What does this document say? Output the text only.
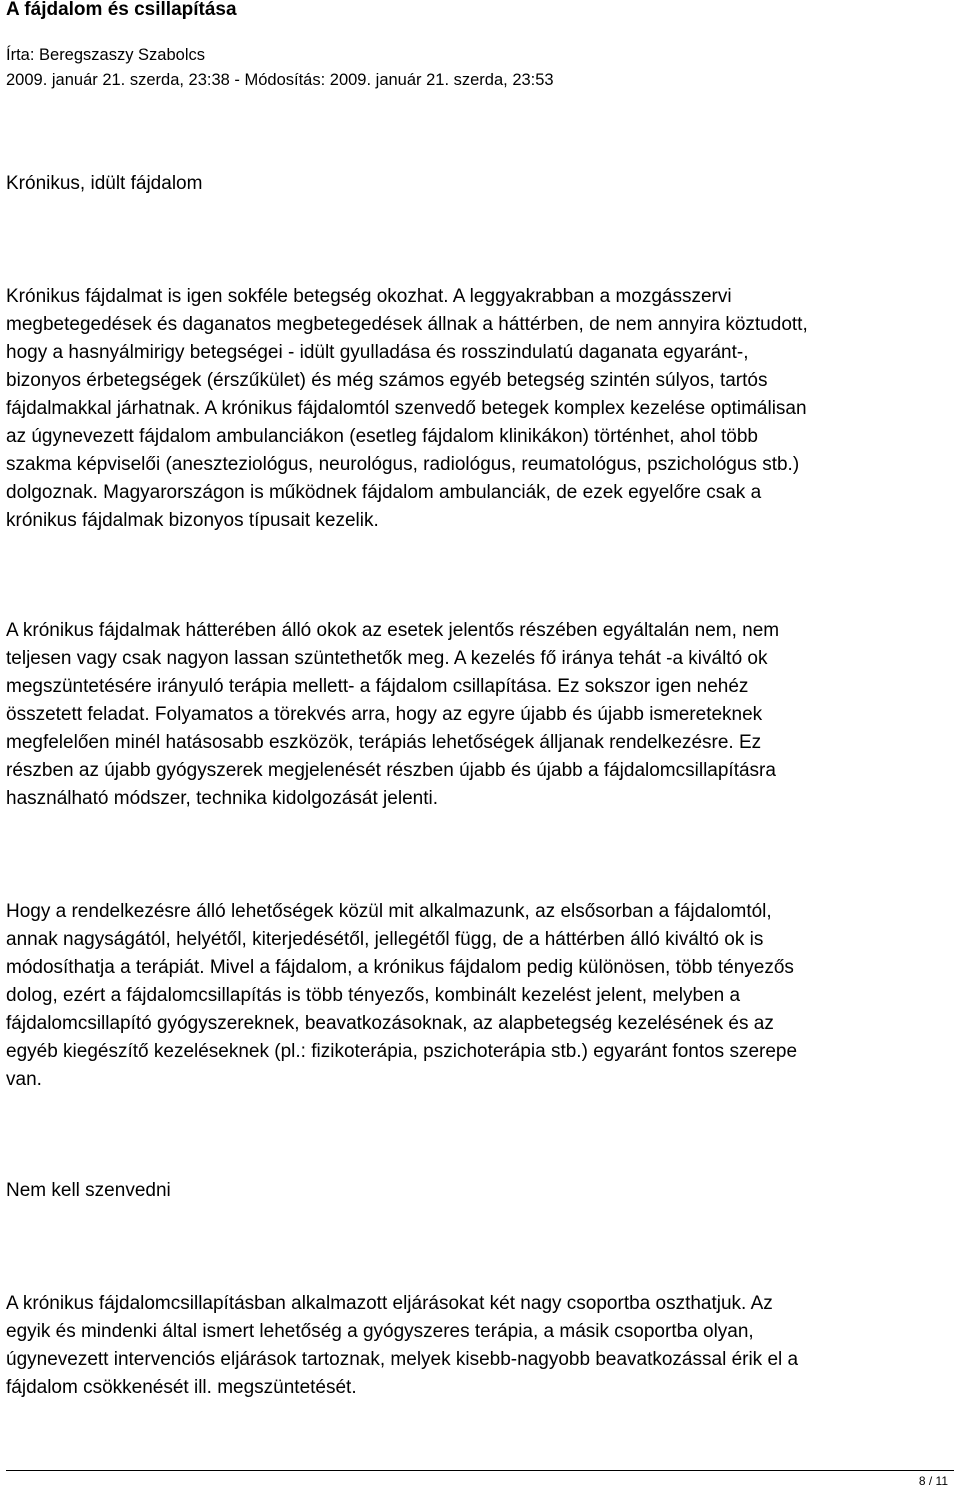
A fájdalom és csillapítása
Írta: Beregszaszy Szabolcs
2009. január 21. szerda, 23:38 - Módosítás: 2009. január 21. szerda, 23:53
Krónikus, idült fájdalom
Krónikus fájdalmat is igen sokféle betegség okozhat. A leggyakrabban a mozgásszervi
megbetegedések és daganatos megbetegedések állnak a háttérben, de nem annyira köztudott,
hogy a hasnyálmirigy betegségei - idült gyulladása és rosszindulatú daganata egyaránt-,
bizonyos érbetegségek (érszűkület) és még számos egyéb betegség szintén súlyos, tartós
fájdalmakkal járhatnak. A krónikus fájdalomtól szenvedő betegek komplex kezelése optimálisan
az úgynevezett fájdalom ambulanciákon (esetleg fájdalom klinikákon) történhet, ahol több
szakma képviselői (aneszteziológus, neurológus, radiológus, reumatológus, pszichológus stb.)
dolgoznak. Magyarországon is működnek fájdalom ambulanciák, de ezek egyelőre csak a
krónikus fájdalmak bizonyos típusait kezelik.
A krónikus fájdalmak hátterében álló okok az esetek jelentős részében egyáltalán nem, nem
teljesen vagy csak nagyon lassan szüntethetők meg. A kezelés fő iránya tehát -a kiváltó ok
megszüntetésére irányuló terápia mellett- a fájdalom csillapítása. Ez sokszor igen nehéz
összetett feladat. Folyamatos a törekvés arra, hogy az egyre újabb és újabb ismereteknek
megfelelően minél hatásosabb eszközök, terápiás lehetőségek álljanak rendelkezésre. Ez
részben az újabb gyógyszerek megjelenését részben újabb és újabb a fájdalomcsillapításra
használható módszer, technika kidolgozását jelenti.
Hogy a rendelkezésre álló lehetőségek közül mit alkalmazunk, az elsősorban a fájdalomtól,
annak nagyságától, helyétől, kiterjedésétől, jellegétől függ, de a háttérben álló kiváltó ok is
módosíthatja a terápiát. Mivel a fájdalom, a krónikus fájdalom pedig különösen, több tényezős
dolog, ezért a fájdalomcsillapítás is több tényezős, kombinált kezelést jelent, melyben a
fájdalomcsillapító gyógyszereknek, beavatkozásoknak, az alapbetegség kezelésének és az
egyéb kiegészítő kezeléseknek (pl.: fizikoterápia, pszichoterápia stb.) egyaránt fontos szerepe
van.
Nem kell szenvedni
A krónikus fájdalomcsillapításban alkalmazott eljárásokat két nagy csoportba oszthatjuk. Az
egyik és mindenki által ismert lehetőség a gyógyszeres terápia, a másik csoportba olyan,
úgynevezett intervenciós eljárások tartoznak, melyek kisebb-nagyobb beavatkozással érik el a
fájdalom csökkenését ill. megszüntetését.
8 / 11
